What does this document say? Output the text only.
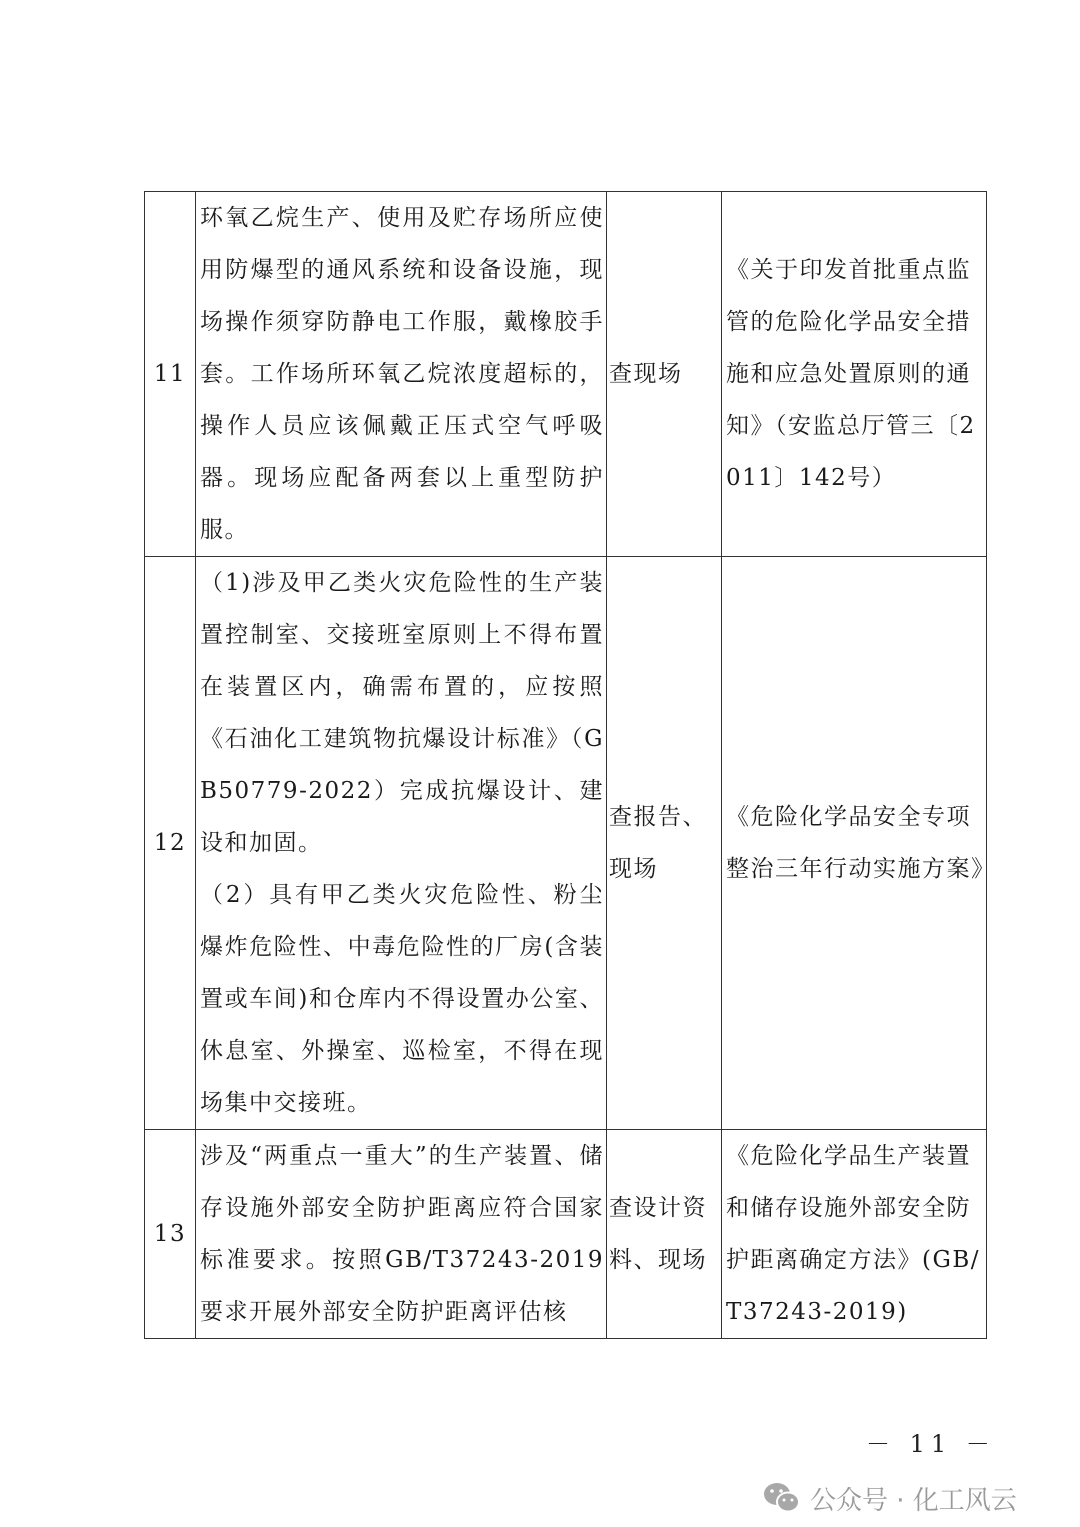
11	环氧乙烷生产、使用及贮存场所应使用防爆型的通风系统和设备设施，现场操作须穿防静电工作服，戴橡胶手套。工作场所环氧乙烷浓度超标的，操作人员应该佩戴正压式空气呼吸器。现场应配备两套以上重型防护服。	查现场	《关于印发首批重点监管的危险化学品安全措施和应急处置原则的通知》（安监总厅管三〔2011〕142号）
12	（1)涉及甲乙类火灾危险性的生产装置控制室、交接班室原则上不得布置在装置区内，确需布置的，应按照《石油化工建筑物抗爆设计标准》（GB50779-2022）完成抗爆设计、建设和加固。
（2）具有甲乙类火灾危险性、粉尘爆炸危险性、中毒危险性的厂房(含装置或车间)和仓库内不得设置办公室、休息室、外操室、巡检室，不得在现场集中交接班。	查报告、现场	《危险化学品安全专项整治三年行动实施方案》
13	涉及“两重点一重大”的生产装置、储存设施外部安全防护距离应符合国家标准要求。按照GB/T37243-2019要求开展外部安全防护距离评估核	查设计资料、现场	《危险化学品生产装置和储存设施外部安全防护距离确定方法》(GB/T37243-2019)
－ 11 －
公众号 · 化工风云
